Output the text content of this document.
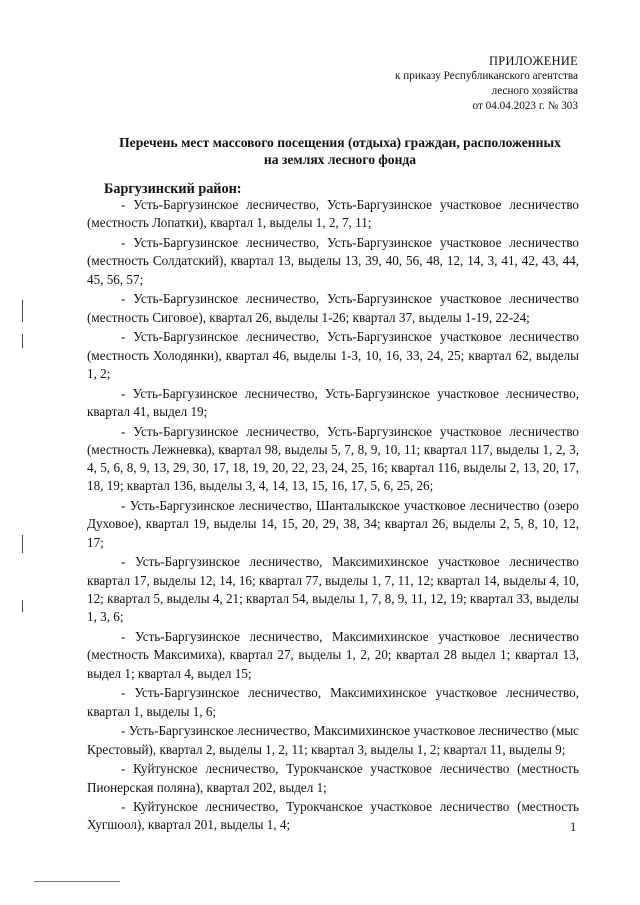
ПРИЛОЖЕНИЕ
к приказу Республиканского агентства
лесного хозяйства
от 04.04.2023 г. № 303
Перечень мест массового посещения (отдыха) граждан, расположенных
на землях лесного фонда
Баргузинский район:

- Усть-Баргузинское лесничество, Усть-Баргузинское участковое лесничество (местность Лопатки), квартал 1, выделы 1, 2, 7, 11;

- Усть-Баргузинское лесничество, Усть-Баргузинское участковое лесничество (местность Солдатский), квартал 13, выделы 13, 39, 40, 56, 48, 12, 14, 3, 41, 42, 43, 44, 45, 56, 57;

- Усть-Баргузинское лесничество, Усть-Баргузинское участковое лесничество (местность Сиговое), квартал 26, выделы 1-26; квартал 37, выделы 1-19, 22-24;

- Усть-Баргузинское лесничество, Усть-Баргузинское участковое лесничество (местность Холодянки), квартал 46, выделы 1-3, 10, 16, 33, 24, 25; квартал 62, выделы 1, 2;

- Усть-Баргузинское лесничество, Усть-Баргузинское участковое лесничество, квартал 41, выдел 19;

- Усть-Баргузинское лесничество, Усть-Баргузинское участковое лесничество (местность Лежневка), квартал 98, выделы 5, 7, 8, 9, 10, 11; квартал 117, выделы 1, 2, 3, 4, 5, 6, 8, 9, 13, 29, 30, 17, 18, 19, 20, 22, 23, 24, 25, 16; квартал 116, выделы 2, 13, 20, 17, 18, 19; квартал 136, выделы 3, 4, 14, 13, 15, 16, 17, 5, 6, 25, 26;

- Усть-Баргузинское лесничество, Шанталыкское участковое лесничество (озеро Духовое), квартал 19, выделы 14, 15, 20, 29, 38, 34; квартал 26, выделы 2, 5, 8, 10, 12, 17;

- Усть-Баргузинское лесничество, Максимихинское участковое лесничество квартал 17, выделы 12, 14, 16; квартал 77, выделы 1, 7, 11, 12; квартал 14, выделы 4, 10, 12; квартал 5, выделы 4, 21; квартал 54, выделы 1, 7, 8, 9, 11, 12, 19; квартал 33, выделы 1, 3, 6;

- Усть-Баргузинское лесничество, Максимихинское участковое лесничество (местность Максимиха), квартал 27, выделы 1, 2, 20; квартал 28 выдел 1; квартал 13, выдел 1; квартал 4, выдел 15;

- Усть-Баргузинское лесничество, Максимихинское участковое лесничество, квартал 1, выделы 1, 6;

- Усть-Баргузинское лесничество, Максимихинское участковое лесничество (мыс Крестовый), квартал 2, выделы 1, 2, 11; квартал 3, выделы 1, 2; квартал 11, выделы 9;

- Куйтунское лесничество, Турокчанское участковое лесничество (местность Пионерская поляна), квартал 202, выдел 1;

- Куйтунское лесничество, Турокчанское участковое лесничество (местность Хугшоол), квартал 201, выделы 1, 4;	1
